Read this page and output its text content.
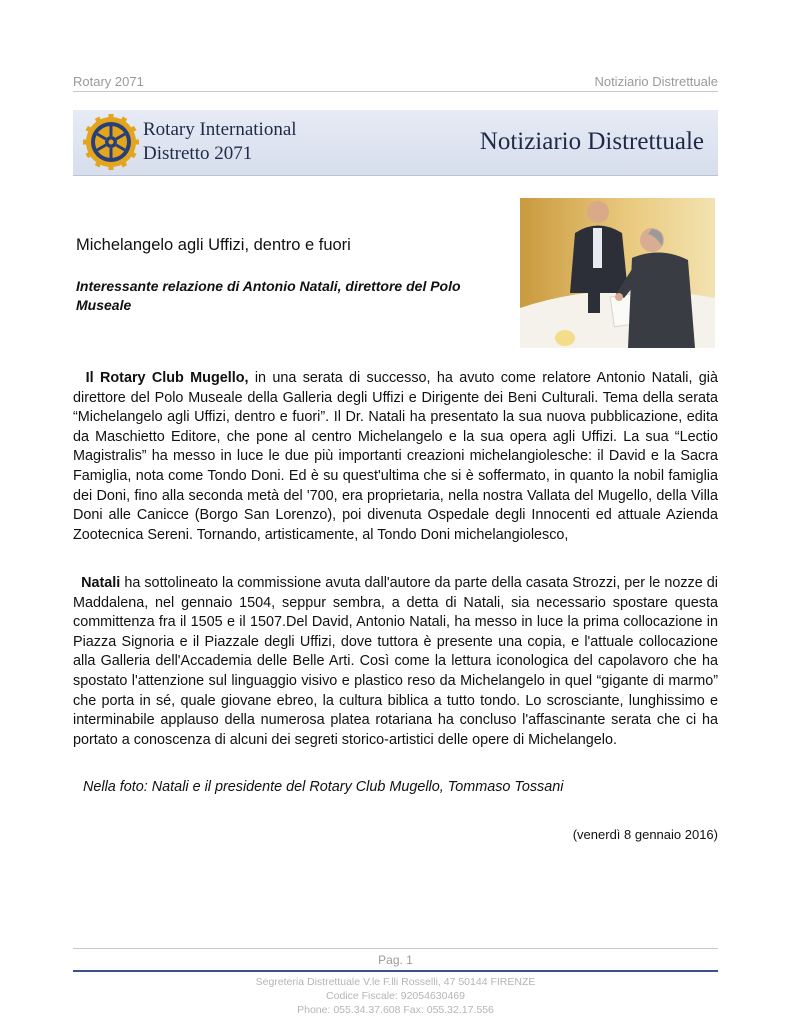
Rotary 2071	Notiziario Distrettuale
Rotary International
Distretto 2071	Notiziario Distrettuale
Michelangelo agli Uffizi, dentro e fuori
Interessante relazione di Antonio Natali, direttore del Polo Museale
Il Rotary Club Mugello, in una serata di successo, ha avuto come relatore Antonio Natali, già direttore del Polo Museale della Galleria degli Uffizi e Dirigente dei Beni Culturali. Tema della serata “Michelangelo agli Uffizi, dentro e fuori”. Il Dr. Natali ha presentato la sua nuova pubblicazione, edita da Maschietto Editore, che pone al centro Michelangelo e la sua opera agli Uffizi. La sua “Lectio Magistralis” ha messo in luce le due più importanti creazioni michelangiolesche: il David e la Sacra Famiglia, nota come Tondo Doni. Ed è su quest'ultima che si è soffermato, in quanto la nobil famiglia dei Doni, fino alla seconda metà del '700, era proprietaria, nella nostra Vallata del Mugello, della Villa Doni alle Canicce (Borgo San Lorenzo), poi divenuta Ospedale degli Innocenti ed attuale Azienda Zootecnica Sereni. Tornando, artisticamente, al Tondo Doni michelangiolesco,
Natali ha sottolineato la commissione avuta dall'autore da parte della casata Strozzi, per le nozze di Maddalena, nel gennaio 1504, seppur sembra, a detta di Natali, sia necessario spostare questa committenza fra il 1505 e il 1507.Del David, Antonio Natali, ha messo in luce la prima collocazione in Piazza Signoria e il Piazzale degli Uffizi, dove tuttora è presente una copia, e l'attuale collocazione alla Galleria dell'Accademia delle Belle Arti. Così come la lettura iconologica del capolavoro che ha spostato l'attenzione sul linguaggio visivo e plastico reso da Michelangelo in quel “gigante di marmo” che porta in sé, quale giovane ebreo, la cultura biblica a tutto tondo. Lo scrosciante, lunghissimo e interminabile applauso della numerosa platea rotariana ha concluso l'affascinante serata che ci ha portato a conoscenza di alcuni dei segreti storico-artistici delle opere di Michelangelo.
Nella foto: Natali e il presidente del Rotary Club Mugello, Tommaso Tossani
(venerdì 8 gennaio 2016)
Pag. 1
Segreteria Distrettuale V.le F.lli Rosselli, 47 50144 FIRENZE
Codice Fiscale: 92054630469
Phone: 055.34.37.608 Fax: 055.32.17.556
